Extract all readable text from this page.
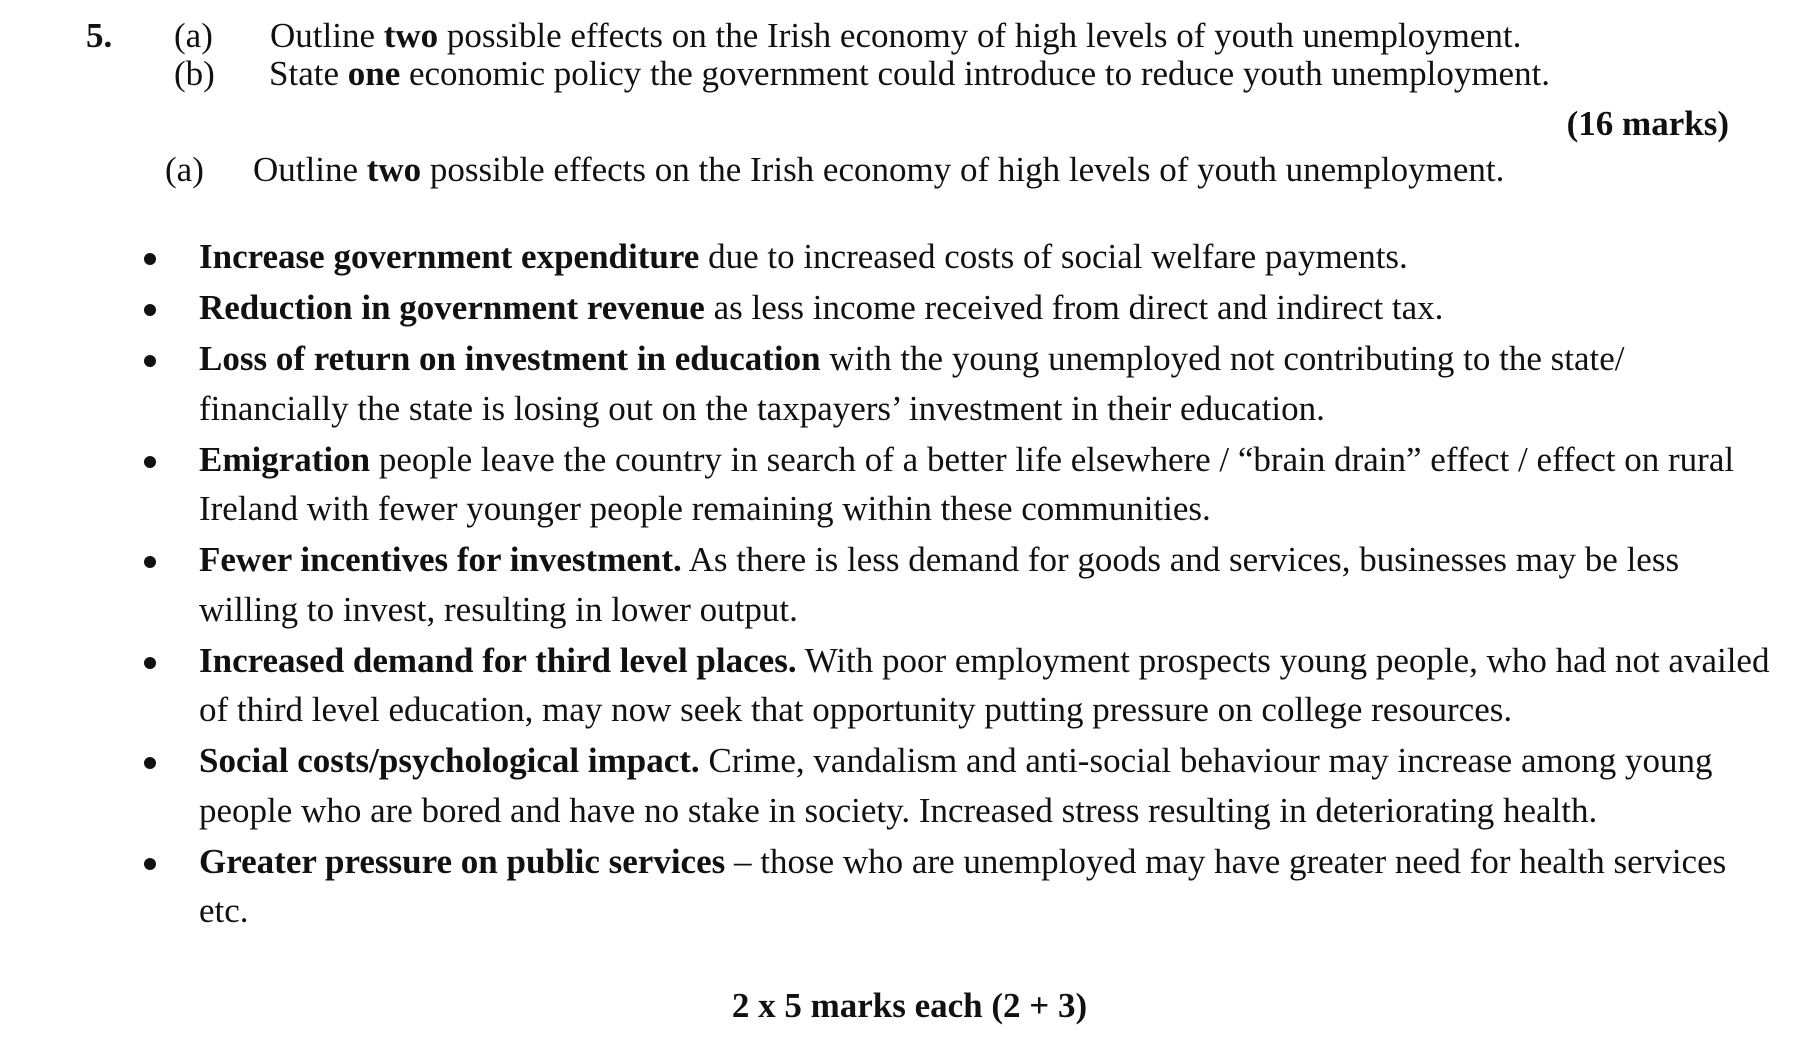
5. (a) Outline two possible effects on the Irish economy of high levels of youth unemployment.
(b) State one economic policy the government could introduce to reduce youth unemployment.
(16 marks)
(a) Outline two possible effects on the Irish economy of high levels of youth unemployment.
Increase government expenditure due to increased costs of social welfare payments.
Reduction in government revenue as less income received from direct and indirect tax.
Loss of return on investment in education with the young unemployed not contributing to the state/ financially the state is losing out on the taxpayers’ investment in their education.
Emigration people leave the country in search of a better life elsewhere / “brain drain” effect / effect on rural Ireland with fewer younger people remaining within these communities.
Fewer incentives for investment. As there is less demand for goods and services, businesses may be less willing to invest, resulting in lower output.
Increased demand for third level places. With poor employment prospects young people, who had not availed of third level education, may now seek that opportunity putting pressure on college resources.
Social costs/psychological impact. Crime, vandalism and anti-social behaviour may increase among young people who are bored and have no stake in society. Increased stress resulting in deteriorating health.
Greater pressure on public services – those who are unemployed may have greater need for health services etc.
2 x 5 marks each (2 + 3)
